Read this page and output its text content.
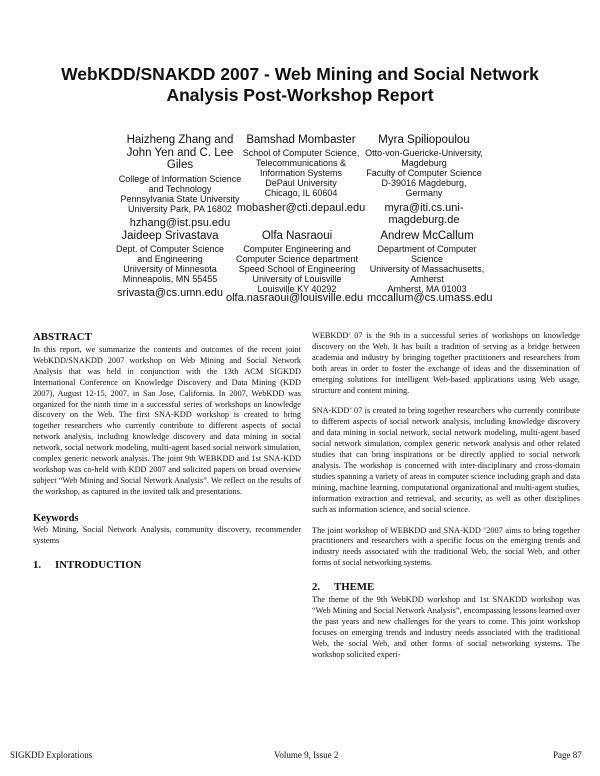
WebKDD/SNAKDD 2007 - Web Mining and Social Network Analysis Post-Workshop Report
Haizheng Zhang and
John Yen and C. Lee
Giles
College of Information Science
and Technology
Pennsylvania State University
University Park, PA 16802
hzhang@ist.psu.edu
Bamshad Mombaster
School of Computer Science,
Telecommunications &
Information Systems
DePaul University
Chicago, IL 60604
mobasher@cti.depaul.edu
Myra Spiliopoulou
Otto-von-Guericke-University,
Magdeburg
Faculty of Computer Science
D-39016 Magdeburg,
Germany
myra@iti.cs.uni-
magdeburg.de
Jaideep Srivastava
Dept. of Computer Science
and Engineering
University of Minnesota
Minneapolis, MN 55455
srivasta@cs.umn.edu
Olfa Nasraoui
Computer Engineering and
Computer Science department
Speed School of Engineering
University of Louisville
Louisville KY 40292
olfa.nasraoui@louisville.edu
Andrew McCallum
Department of Computer
Science
University of Massachusetts,
Amherst
Amherst, MA 01003
mccallum@cs.umass.edu
ABSTRACT

In this report, we summarize the contents and outcomes of the recent joint WebKDD/SNAKDD 2007 workshop on Web Mining and Social Network Analysis that was held in conjunction with the 13th ACM SIGKDD International Conference on Knowledge Discovery and Data Mining (KDD 2007), August 12-15, 2007, in San Jose, California. In 2007, WebKDD was organized for the ninth time in a successful series of workshops on knowledge discovery on the Web. The first SNA-KDD workshop is created to bring together researchers who currently contribute to different aspects of social network analysis, including knowledge discovery and data mining in social network, social network modeling, multi-agent based social network simulation, complex generic network analysis. The joint 9th WEBKDD and 1st SNA-KDD workshop was co-held with KDD 2007 and solicited papers on broad overview subject “Web Mining and Social Network Analysis”. We reflect on the results of the workshop, as captured in the invited talk and presentations.

Keywords

Web Mining, Social Network Analysis, community discovery, recommender systems

1. INTRODUCTION

WEBKDD’ 07 is the 9th in a successful series of workshops on knowledge discovery on the Web. It has built a tradition of serving as a bridge between academia and industry by bringing together practitioners and researchers from both areas in order to foster the exchange of ideas and the dissemination of emerging solutions for intelligent Web-based applications using Web usage, structure and content mining.

SNA-KDD’ 07 is created to bring together researchers who currently contribute to different aspects of social network analysis, including knowledge discovery and data mining in social network, social network modeling, multi-agent based social network simulation, complex generic network analysis and other related studies that can bring inspirations or be directly applied to social network analysis. The workshop is concerned with inter-disciplinary and cross-domain studies spanning a variety of areas in computer science including graph and data mining, machine learning, computational organizational and multi-agent studies, information extraction and retrieval, and security, as well as other disciplines such as information science, and social science.

The joint workshop of WEBKDD and SNA-KDD ’2007 aims to bring together practitioners and researchers with a specific focus on the emerging trends and industry needs associated with the traditional Web, the social Web, and other forms of social networking systems.

2. THEME

The theme of the 9th WebKDD workshop and 1st SNAKDD workshop was “Web Mining and Social Network Analysis”, encompassing lessons learned over the past years and new challenges for the years to come. This joint workshop focuses on emerging trends and industry needs associated with the traditional Web, the social Web, and other forms of social networking systems. The workshop solicited experi-

SIGKDD Explorations	Volume 9, Issue 2	Page 87
